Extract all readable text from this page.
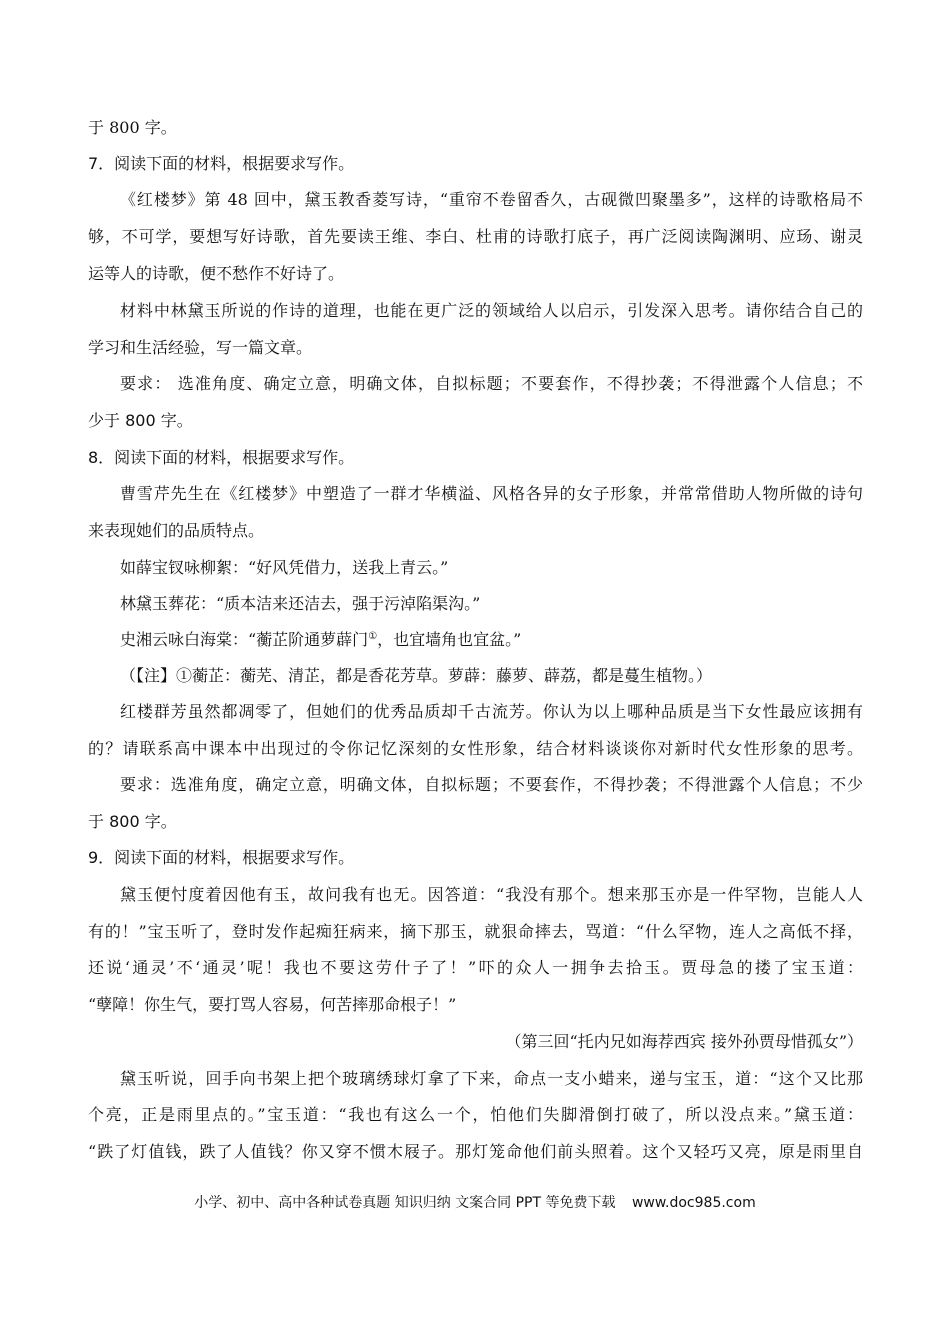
于 800 字。
7．阅读下面的材料，根据要求写作。
《红楼梦》第 48 回中，黛玉教香菱写诗，“重帘不卷留香久，古砚微凹聚墨多”，这样的诗歌格局不
够，不可学，要想写好诗歌，首先要读王维、李白、杜甫的诗歌打底子，再广泛阅读陶渊明、应玚、谢灵
运等人的诗歌，便不愁作不好诗了。
材料中林黛玉所说的作诗的道理，也能在更广泛的领域给人以启示，引发深入思考。请你结合自己的
学习和生活经验，写一篇文章。
要求： 选准角度、确定立意，明确文体，自拟标题；不要套作，不得抄袭；不得泄露个人信息；不
少于 800 字。
8．阅读下面的材料，根据要求写作。
曹雪芹先生在《红楼梦》中塑造了一群才华横溢、风格各异的女子形象，并常常借助人物所做的诗句
来表现她们的品质特点。
如薛宝钗咏柳絮：“好风凭借力，送我上青云。”
林黛玉葬花：“质本洁来还洁去，强于污淖陷渠沟。”
史湘云咏白海棠：“蘅芷阶通萝薜门①，也宜墙角也宜盆。”
（【注】①蘅芷：蘅芜、清芷，都是香花芳草。萝薜：藤萝、薜荔，都是蔓生植物。）
红楼群芳虽然都凋零了，但她们的优秀品质却千古流芳。你认为以上哪种品质是当下女性最应该拥有
的？请联系高中课本中出现过的令你记忆深刻的女性形象，结合材料谈谈你对新时代女性形象的思考。
要求：选准角度，确定立意，明确文体，自拟标题；不要套作，不得抄袭；不得泄露个人信息；不少
于 800 字。
9．阅读下面的材料，根据要求写作。
黛玉便忖度着因他有玉，故问我有也无。因答道：“我没有那个。想来那玉亦是一件罕物，岂能人人
有的！”宝玉听了，登时发作起痴狂病来，摘下那玉，就狠命摔去，骂道：“什么罕物，连人之高低不择，
还说‘通灵’不‘通灵’呢！我也不要这劳什子了！”吓的众人一拥争去拾玉。贾母急的搂了宝玉道：
“孽障！你生气，要打骂人容易，何苦摔那命根子！”
（第三回“托内兄如海荐西宾 接外孙贾母惜孤女”）
黛玉听说，回手向书架上把个玻璃绣球灯拿了下来，命点一支小蜡来，递与宝玉，道：“这个又比那
个亮，正是雨里点的。”宝玉道：“我也有这么一个，怕他们失脚滑倒打破了，所以没点来。”黛玉道：
“跌了灯值钱，跌了人值钱？你又穿不惯木屐子。那灯笼命他们前头照着。这个又轻巧又亮，原是雨里自
小学、初中、高中各种试卷真题 知识归纳 文案合同 PPT 等免费下载 www.doc985.com
